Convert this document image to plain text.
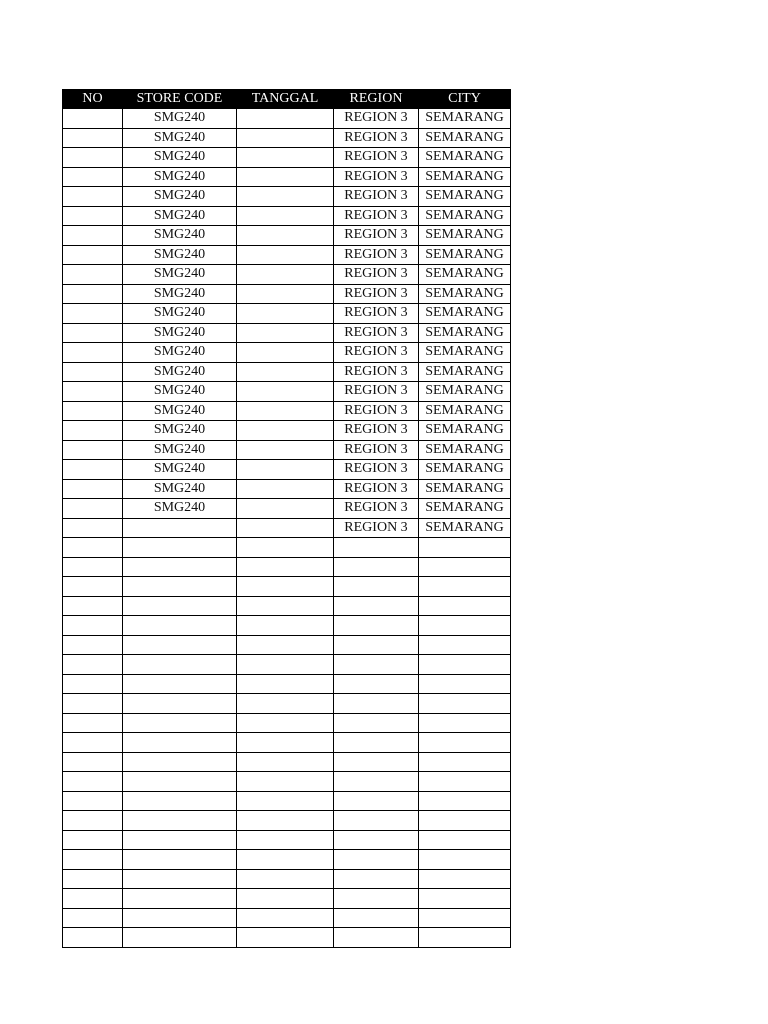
NO	STORE CODE	TANGGAL	REGION	CITY
	SMG240		REGION 3	SEMARANG
	SMG240		REGION 3	SEMARANG
	SMG240		REGION 3	SEMARANG
	SMG240		REGION 3	SEMARANG
	SMG240		REGION 3	SEMARANG
	SMG240		REGION 3	SEMARANG
	SMG240		REGION 3	SEMARANG
	SMG240		REGION 3	SEMARANG
	SMG240		REGION 3	SEMARANG
	SMG240		REGION 3	SEMARANG
	SMG240		REGION 3	SEMARANG
	SMG240		REGION 3	SEMARANG
	SMG240		REGION 3	SEMARANG
	SMG240		REGION 3	SEMARANG
	SMG240		REGION 3	SEMARANG
	SMG240		REGION 3	SEMARANG
	SMG240		REGION 3	SEMARANG
	SMG240		REGION 3	SEMARANG
	SMG240		REGION 3	SEMARANG
	SMG240		REGION 3	SEMARANG
	SMG240		REGION 3	SEMARANG
			REGION 3	SEMARANG
